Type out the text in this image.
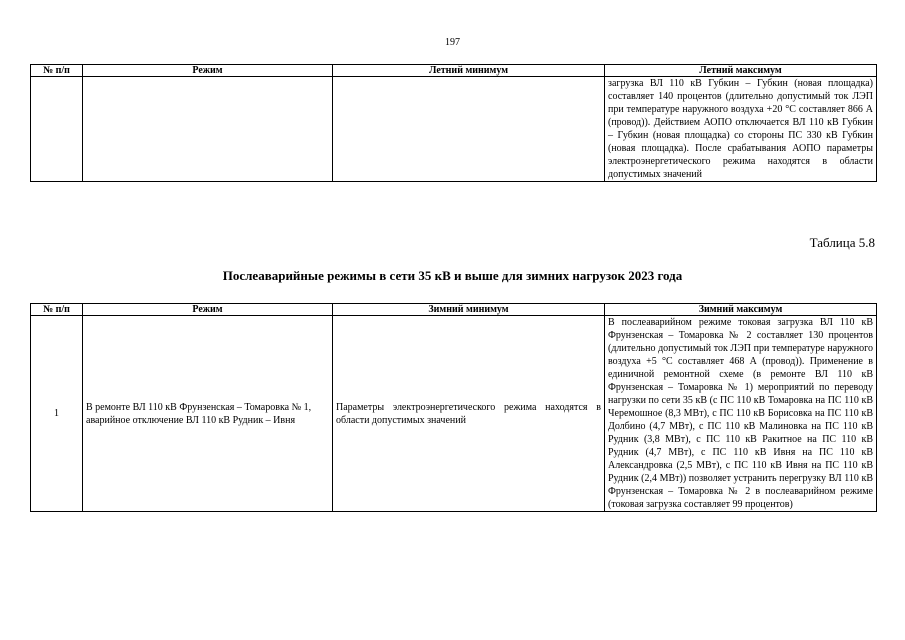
197
№ п/п	Режим	Летний минимум	Летний максимум
			загрузка ВЛ 110 кВ Губкин – Губкин (новая площадка) составляет 140 процентов (длительно допустимый ток ЛЭП при температуре наружного воздуха +20 °C составляет 866 А (провод)). Действием АОПО отключается ВЛ 110 кВ Губкин – Губкин (новая площадка) со стороны ПС 330 кВ Губкин (новая площадка). После срабатывания АОПО параметры электроэнергетического режима находятся в области допустимых значений
Таблица 5.8
Послеаварийные режимы в сети 35 кВ и выше для зимних нагрузок 2023 года
№ п/п	Режим	Зимний минимум	Зимний максимум
1	В ремонте ВЛ 110 кВ Фрунзенская – Томаровка № 1, аварийное отключение ВЛ 110 кВ Рудник – Ивня	Параметры электроэнергетического режима находятся в области допустимых значений	В послеаварийном режиме токовая загрузка ВЛ 110 кВ Фрунзенская – Томаровка № 2 составляет 130 процентов (длительно допустимый ток ЛЭП при температуре наружного воздуха +5 °С составляет 468 А (провод)). Применение в единичной ремонтной схеме (в ремонте ВЛ 110 кВ Фрунзенская – Томаровка № 1) мероприятий по переводу нагрузки по сети 35 кВ (с ПС 110 кВ Томаровка на ПС 110 кВ Черемошное (8,3 МВт), с ПС 110 кВ Борисовка на ПС 110 кВ Долбино (4,7 МВт), с ПС 110 кВ Малиновка на ПС 110 кВ Рудник (3,8 МВт), с ПС 110 кВ Ракитное на ПС 110 кВ Рудник (4,7 МВт), с ПС 110 кВ Ивня на ПС 110 кВ Александровка (2,5 МВт), с ПС 110 кВ Ивня на ПС 110 кВ Рудник (2,4 МВт)) позволяет устранить перегрузку ВЛ 110 кВ Фрунзенская – Томаровка № 2 в послеаварийном режиме (токовая загрузка составляет 99 процентов)
